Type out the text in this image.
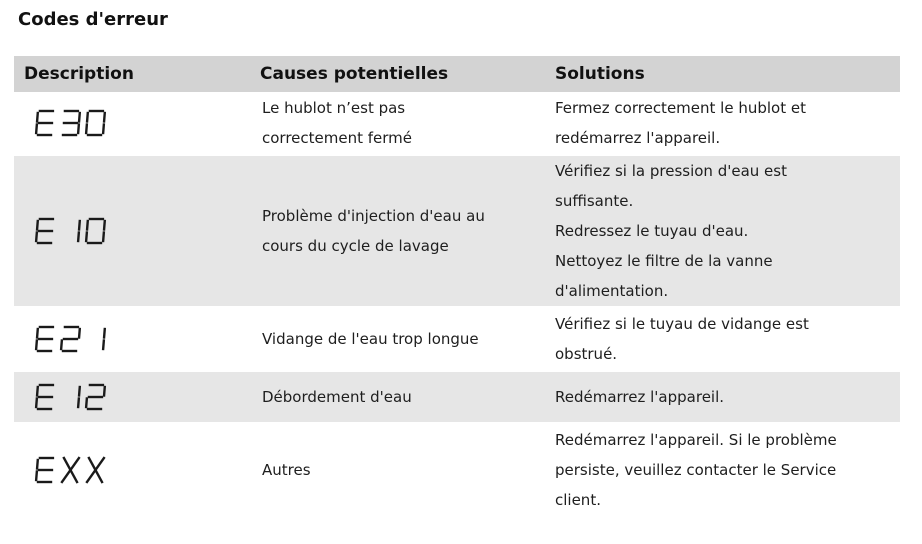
Codes d'erreur
Description	Causes potentielles	Solutions

Le hublot n’est pas
correctement fermé	Fermez correctement le hublot et
redémarrez l'appareil.

Problème d'injection d'eau au
cours du cycle de lavage	Vérifiez si la pression d'eau est
suffisante.
Redressez le tuyau d'eau.
Nettoyez le filtre de la vanne
d'alimentation.

Vidange de l'eau trop longue	Vérifiez si le tuyau de vidange est
obstrué.

Débordement d'eau	Redémarrez l'appareil.

Autres	Redémarrez l'appareil. Si le problème
persiste, veuillez contacter le Service
client.
